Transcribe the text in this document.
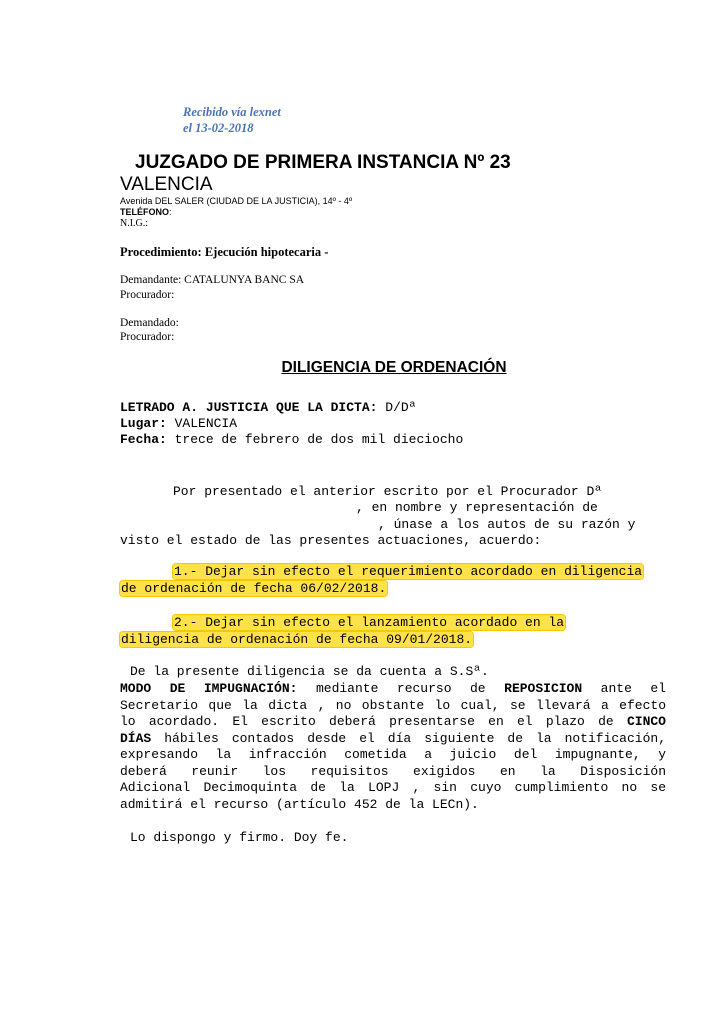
Recibido vía lexnet
el 13-02-2018
JUZGADO DE PRIMERA INSTANCIA Nº 23
VALENCIA
Avenida DEL SALER (CIUDAD DE LA JUSTICIA), 14º - 4º
TELÉFONO:
N.I.G.:
Procedimiento: Ejecución hipotecaria -
Demandante: CATALUNYA BANC SA
Procurador:
Demandado:
Procurador:
DILIGENCIA DE ORDENACIÓN
LETRADO A. JUSTICIA QUE LA DICTA: D/Dª
Lugar: VALENCIA
Fecha: trece de febrero de dos mil dieciocho
Por presentado el anterior escrito por el Procurador Dª
, en nombre y representación de
, únase a los autos de su razón y
visto el estado de las presentes actuaciones, acuerdo:
1.- Dejar sin efecto el requerimiento acordado en diligencia
de ordenación de fecha 06/02/2018.
2.- Dejar sin efecto el lanzamiento acordado en la
diligencia de ordenación de fecha 09/01/2018.
De la presente diligencia se da cuenta a S.Sª.
MODO DE IMPUGNACIÓN: mediante recurso de REPOSICION ante el
Secretario que la dicta , no obstante lo cual, se llevará a efecto
lo acordado. El escrito deberá presentarse en el plazo de CINCO
DÍAS hábiles contados desde el día siguiente de la notificación,
expresando la infracción cometida a juicio del impugnante, y
deberá reunir los requisitos exigidos en la Disposición
Adicional Decimoquinta de la LOPJ , sin cuyo cumplimiento no se
admitirá el recurso (artículo 452 de la LECn).
Lo dispongo y firmo. Doy fe.
